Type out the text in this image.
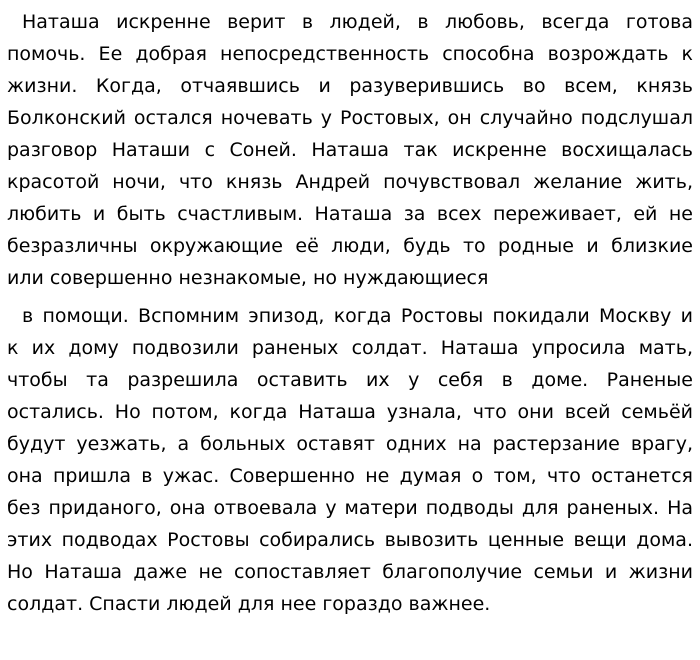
Наташа искренне верит в людей, в любовь, всегда готова
помочь. Ее добрая непосредственность способна возрождать к
жизни. Когда, отчаявшись и разуверившись во всем, князь
Болконский остался ночевать у Ростовых, он случайно подслушал
разговор Наташи с Соней. Наташа так искренне восхищалась
красотой ночи, что князь Андрей почувствовал желание жить,
любить и быть счастливым. Наташа за всех переживает, ей не
безразличны окружающие её люди, будь то родные и близкие
или совершенно незнакомые, но нуждающиеся

в помощи. Вспомним эпизод, когда Ростовы покидали Москву и
к их дому подвозили раненых солдат. Наташа упросила мать,
чтобы та разрешила оставить их у себя в доме. Раненые
остались. Но потом, когда Наташа узнала, что они всей семьёй
будут уезжать, а больных оставят одних на растерзание врагу,
она пришла в ужас. Совершенно не думая о том, что останется
без приданого, она отвоевала у матери подводы для раненых. На
этих подводах Ростовы собирались вывозить ценные вещи дома.
Но Наташа даже не сопоставляет благополучие семьи и жизни
солдат. Спасти людей для нее гораздо важнее.
